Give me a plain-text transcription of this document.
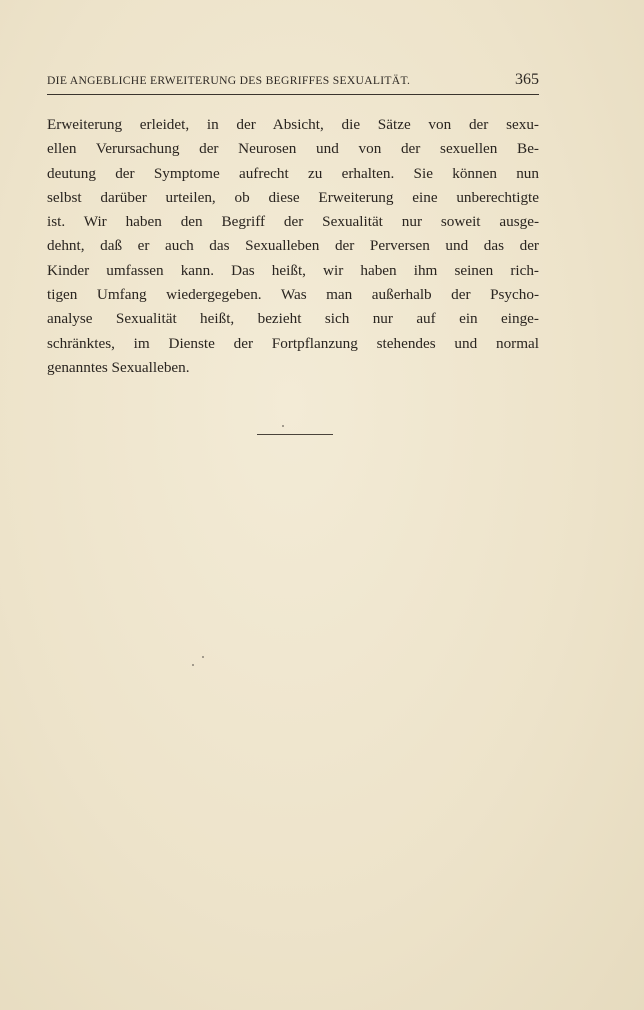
DIE ANGEBLICHE ERWEITERUNG DES BEGRIFFES SEXUALITÄT.	365
Erweiterung erleidet, in der Absicht, die Sätze von der sexu-
ellen Verursachung der Neurosen und von der sexuellen Be-
deutung der Symptome aufrecht zu erhalten. Sie können nun
selbst darüber urteilen, ob diese Erweiterung eine unberechtigte
ist. Wir haben den Begriff der Sexualität nur soweit ausge-
dehnt, daß er auch das Sexualleben der Perversen und das der
Kinder umfassen kann. Das heißt, wir haben ihm seinen rich-
tigen Umfang wiedergegeben. Was man außerhalb der Psycho-
analyse Sexualität heißt, bezieht sich nur auf ein einge-
schränktes, im Dienste der Fortpflanzung stehendes und normal
genanntes Sexualleben.
